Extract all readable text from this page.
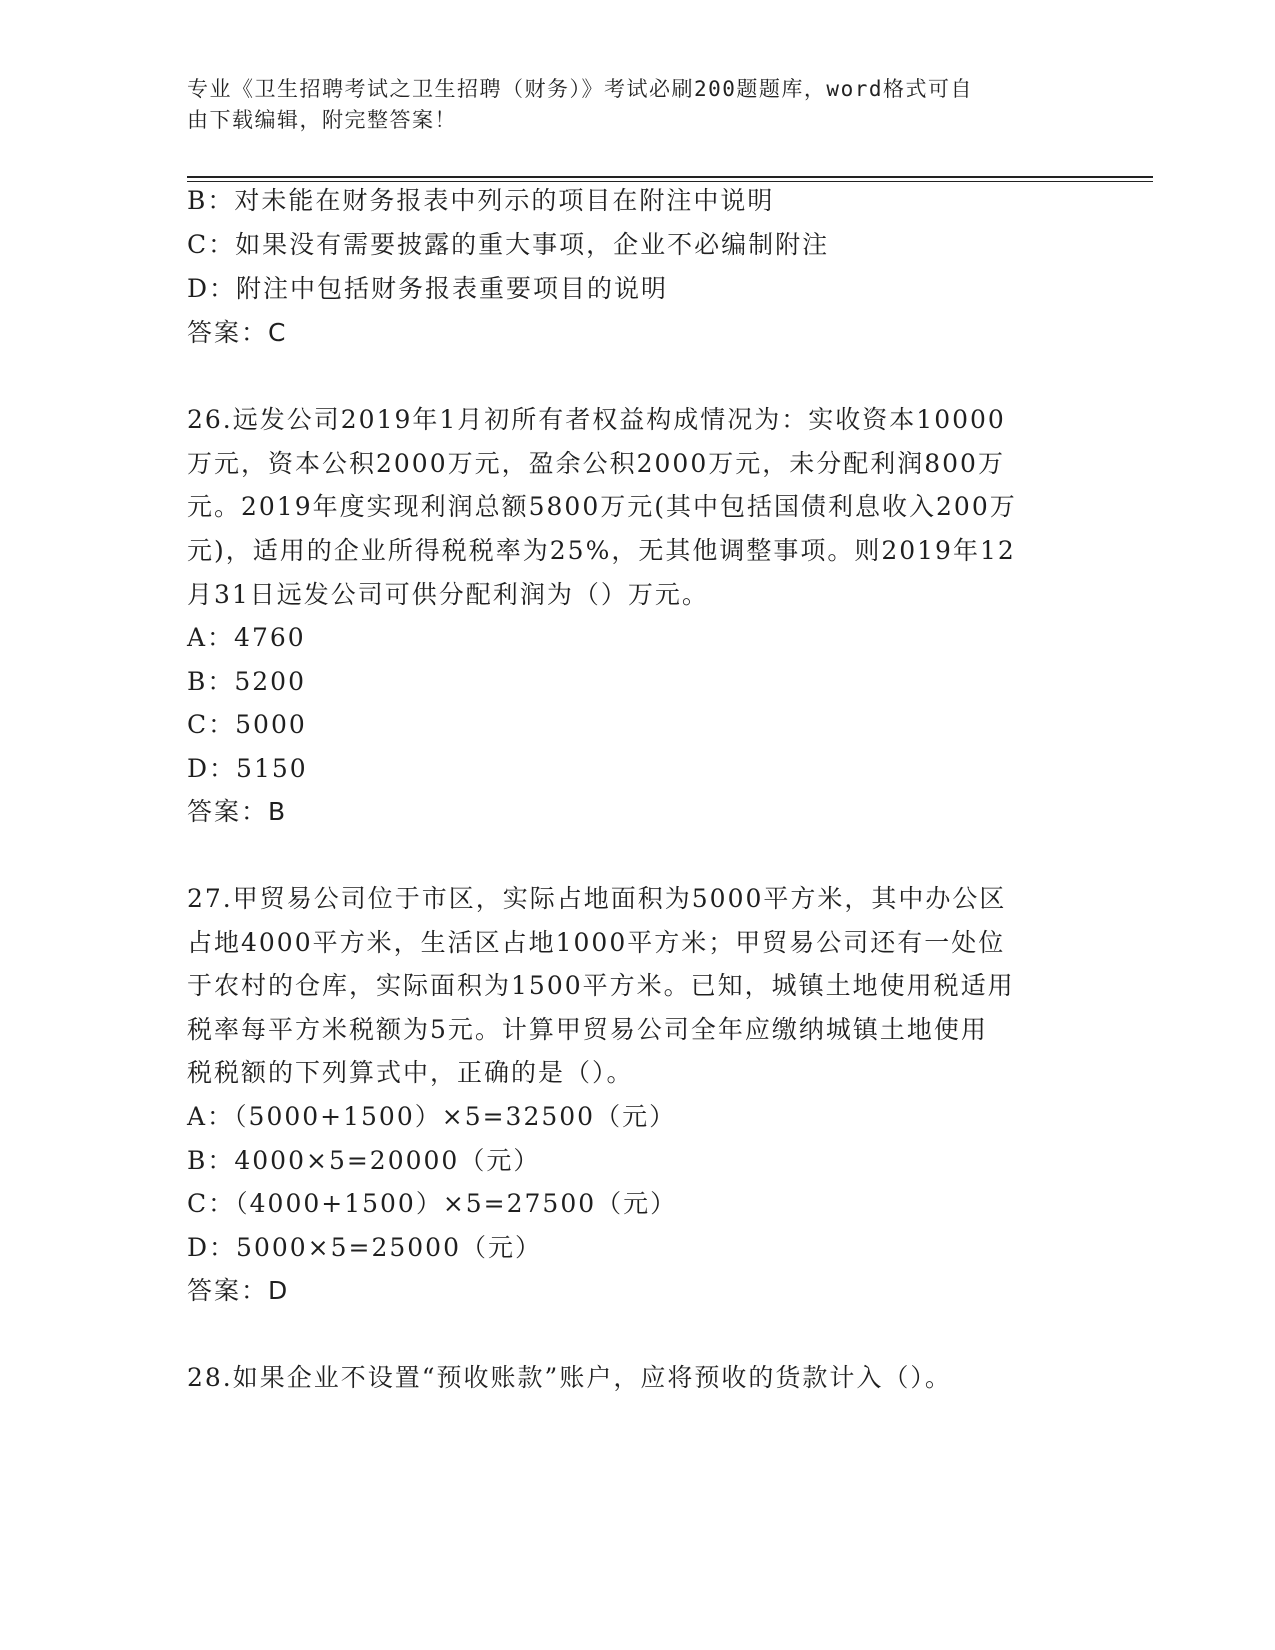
专业《卫生招聘考试之卫生招聘（财务）》考试必刷200题题库，word格式可自
由下载编辑，附完整答案！
B：对未能在财务报表中列示的项目在附注中说明
C：如果没有需要披露的重大事项，企业不必编制附注
D：附注中包括财务报表重要项目的说明
答案：C
26.远发公司2019年1月初所有者权益构成情况为：实收资本10000
万元，资本公积2000万元，盈余公积2000万元，未分配利润800万
元。2019年度实现利润总额5800万元(其中包括国债利息收入200万
元)，适用的企业所得税税率为25%，无其他调整事项。则2019年12
月31日远发公司可供分配利润为（）万元。
A：4760
B：5200
C：5000
D：5150
答案：B
27.甲贸易公司位于市区，实际占地面积为5000平方米，其中办公区
占地4000平方米，生活区占地1000平方米；甲贸易公司还有一处位
于农村的仓库，实际面积为1500平方米。已知，城镇土地使用税适用
税率每平方米税额为5元。计算甲贸易公司全年应缴纳城镇土地使用
税税额的下列算式中，正确的是（）。
A：（5000+1500）×5=32500（元）
B：4000×5=20000（元）
C：（4000+1500）×5=27500（元）
D：5000×5=25000（元）
答案：D
28.如果企业不设置“预收账款”账户，应将预收的货款计入（）。
